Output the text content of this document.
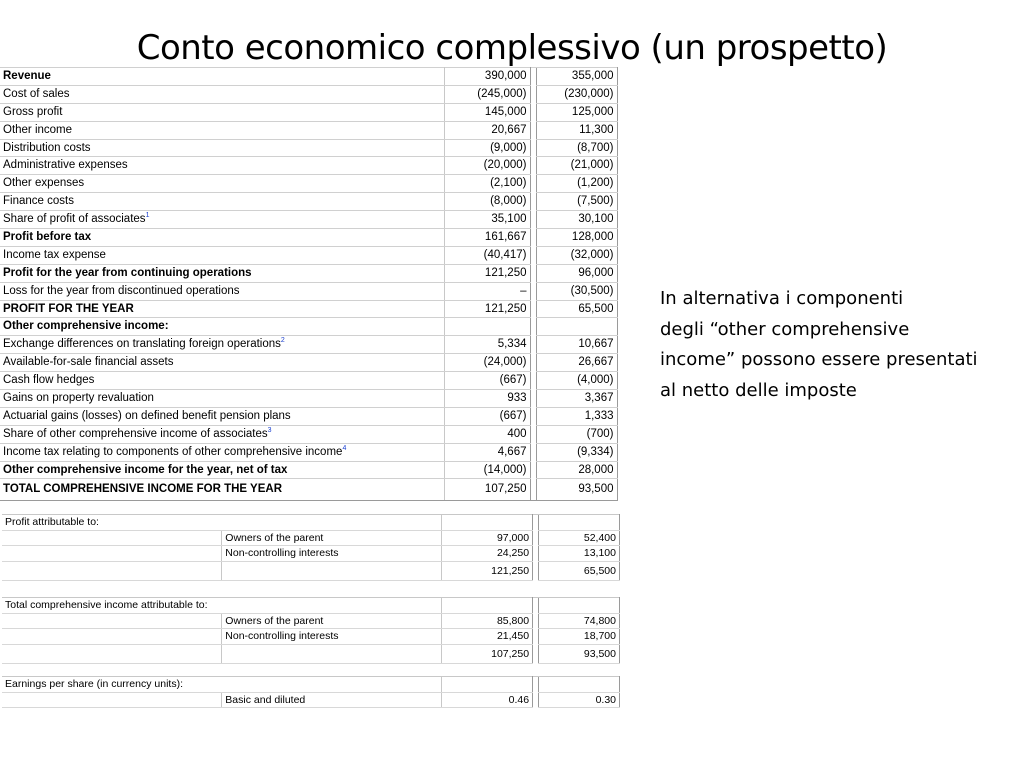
Conto economico complessivo (un prospetto)
Revenue	390,000		355,000
Cost of sales	(245,000)		(230,000)
Gross profit	145,000		125,000
Other income	20,667		11,300
Distribution costs	(9,000)		(8,700)
Administrative expenses	(20,000)		(21,000)
Other expenses	(2,100)		(1,200)
Finance costs	(8,000)		(7,500)
Share of profit of associates$^1$	35,100		30,100
Profit before tax	161,667		128,000
Income tax expense	(40,417)		(32,000)
Profit for the year from continuing operations	121,250		96,000
Loss for the year from discontinued operations	–		(30,500)
PROFIT FOR THE YEAR	121,250		65,500
Other comprehensive income:			
Exchange differences on translating foreign operations$^2$	5,334		10,667
Available-for-sale financial assets	(24,000)		26,667
Cash flow hedges	(667)		(4,000)
Gains on property revaluation	933		3,367
Actuarial gains (losses) on defined benefit pension plans	(667)		1,333
Share of other comprehensive income of associates$^3$	400		(700)
Income tax relating to components of other comprehensive income$^4$	4,667		(9,334)
Other comprehensive income for the year, net of tax	(14,000)		28,000
TOTAL COMPREHENSIVE INCOME FOR THE YEAR	107,250		93,500
Profit attributable to:				
	Owners of the parent	97,000		52,400
	Non-controlling interests	24,250		13,100
		121,250		65,500
Total comprehensive income attributable to:				
	Owners of the parent	85,800		74,800
	Non-controlling interests	21,450		18,700
		107,250		93,500
Earnings per share (in currency units):				
	Basic and diluted	0.46		0.30
In alternativa i componenti
degli “other comprehensive
income” possono essere presentati
al netto delle imposte
